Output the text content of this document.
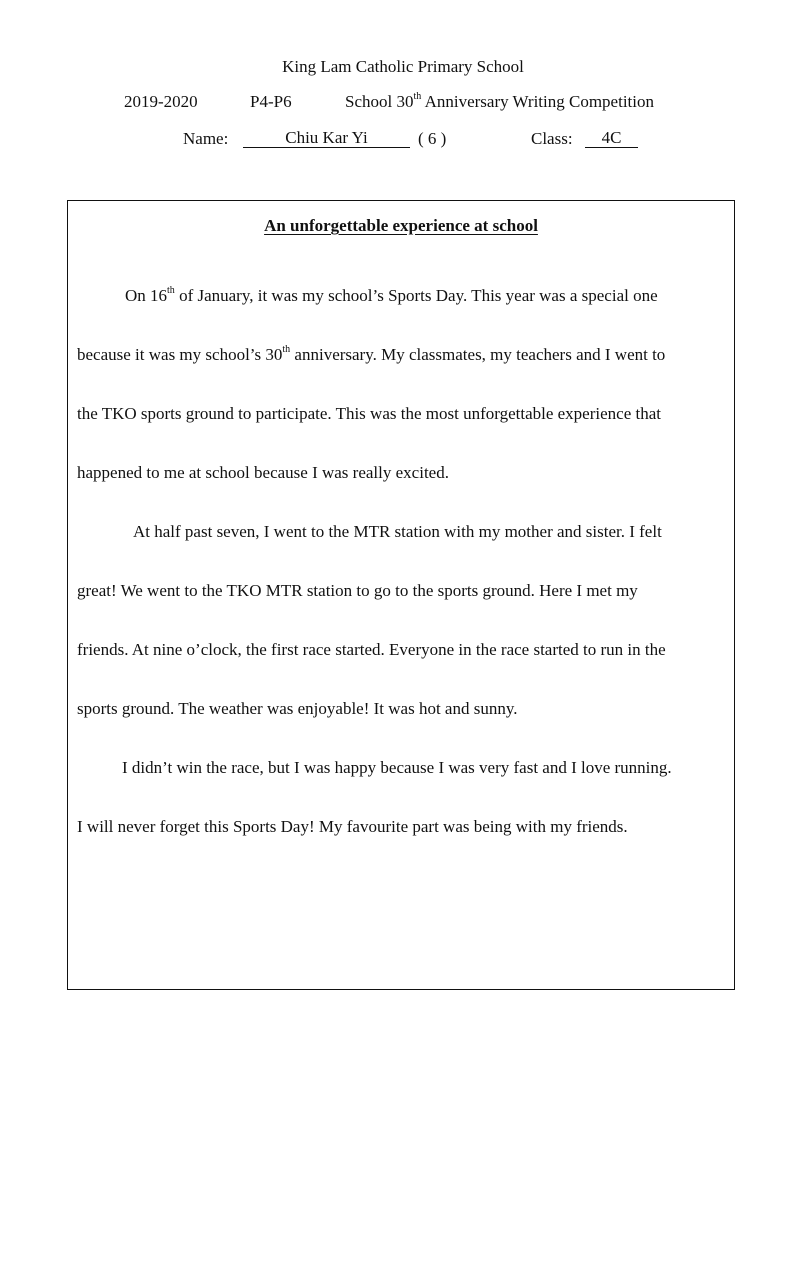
King Lam Catholic Primary School
2019-2020	P4-P6	School 30th Anniversary Writing Competition
Name:	Chiu Kar Yi	( 6 )	Class:	4C
An unforgettable experience at school
On 16th of January, it was my school’s Sports Day. This year was a special one
because it was my school’s 30th anniversary. My classmates, my teachers and I went to
the TKO sports ground to participate. This was the most unforgettable experience that
happened to me at school because I was really excited.
At half past seven, I went to the MTR station with my mother and sister. I felt
great! We went to the TKO MTR station to go to the sports ground. Here I met my
friends. At nine o’clock, the first race started. Everyone in the race started to run in the
sports ground. The weather was enjoyable! It was hot and sunny.
I didn’t win the race, but I was happy because I was very fast and I love running.
I will never forget this Sports Day! My favourite part was being with my friends.
